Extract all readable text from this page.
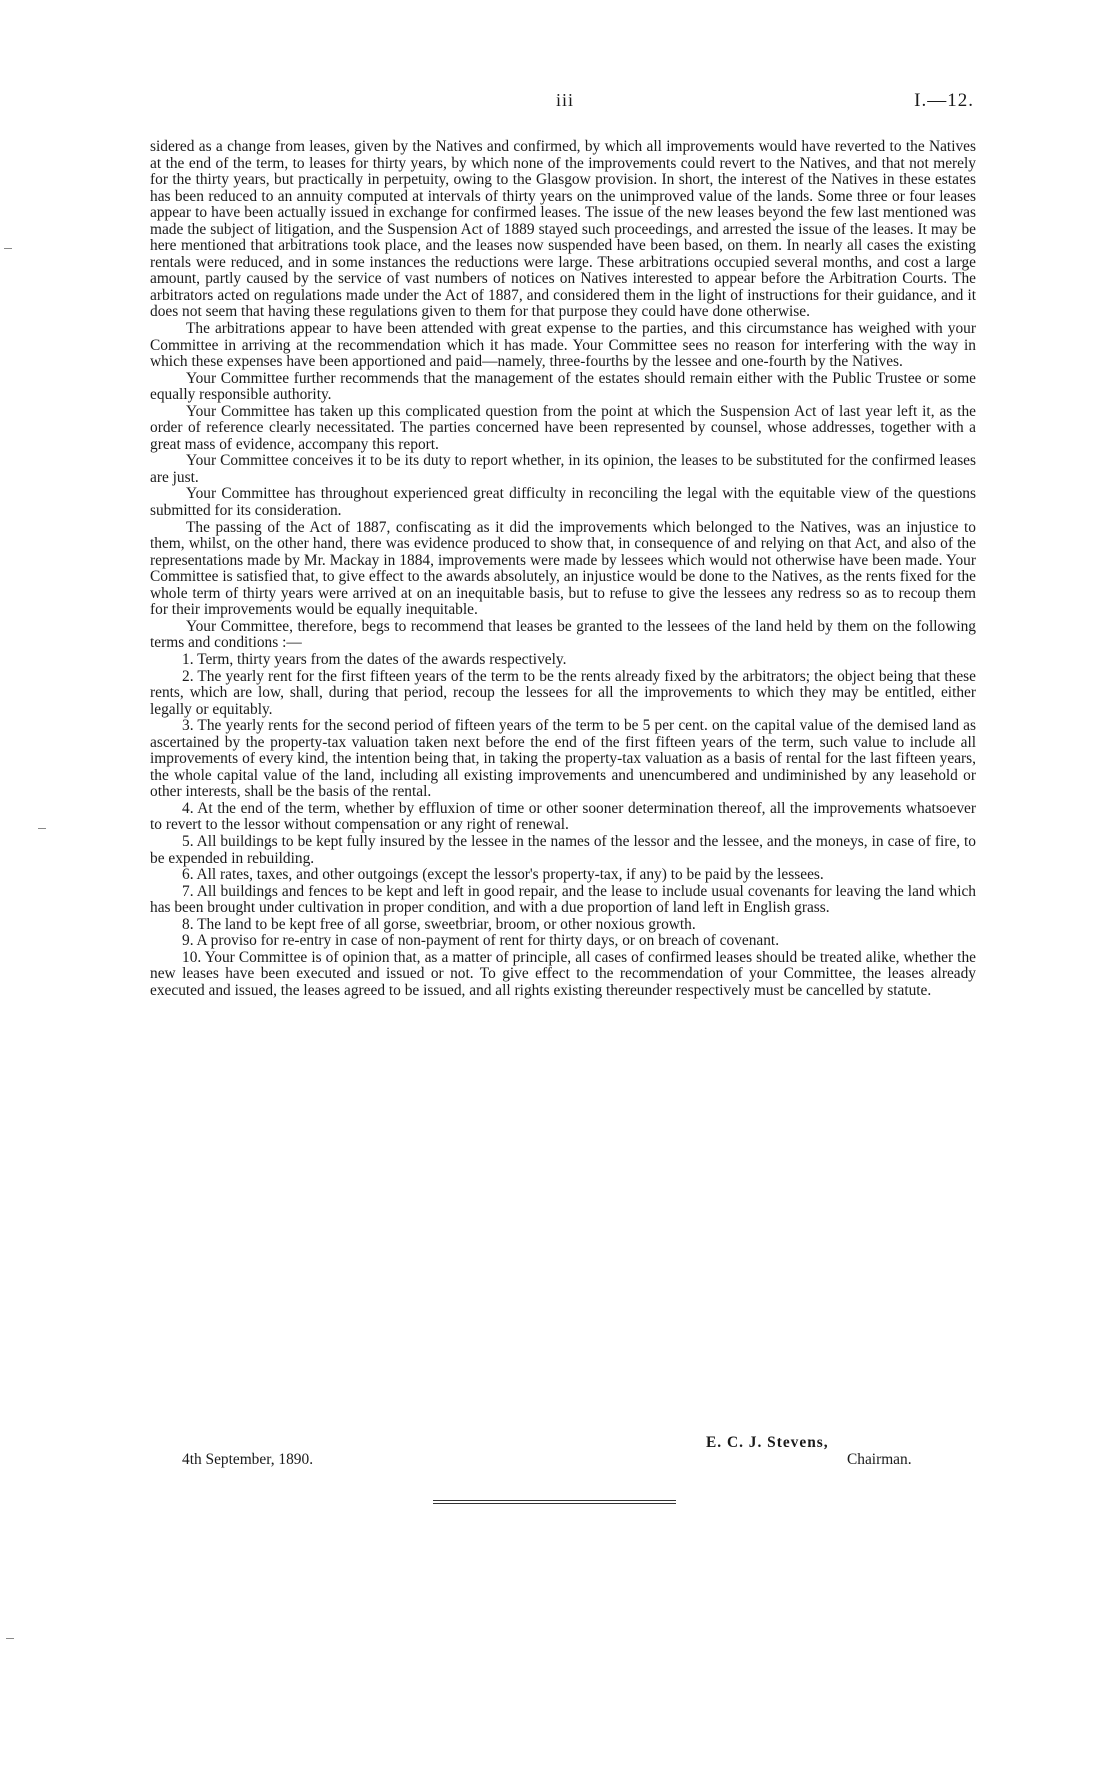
iii	I.—12.

sidered as a change from leases, given by the Natives and confirmed, by which all improvements would have reverted to the Natives at the end of the term, to leases for thirty years, by which none of the improvements could revert to the Natives, and that not merely for the thirty years, but practically in perpetuity, owing to the Glasgow provision. In short, the interest of the Natives in these estates has been reduced to an annuity computed at intervals of thirty years on the unimproved value of the lands. Some three or four leases appear to have been actually issued in exchange for confirmed leases. The issue of the new leases beyond the few last mentioned was made the subject of litigation, and the Suspension Act of 1889 stayed such proceedings, and arrested the issue of the leases. It may be here mentioned that arbitrations took place, and the leases now suspended have been based, on them. In nearly all cases the existing rentals were reduced, and in some instances the reductions were large. These arbitrations occupied several months, and cost a large amount, partly caused by the service of vast numbers of notices on Natives interested to appear before the Arbitration Courts. The arbitrators acted on regulations made under the Act of 1887, and considered them in the light of instructions for their guidance, and it does not seem that having these regulations given to them for that purpose they could have done otherwise.

The arbitrations appear to have been attended with great expense to the parties, and this circumstance has weighed with your Committee in arriving at the recommendation which it has made. Your Committee sees no reason for interfering with the way in which these expenses have been apportioned and paid—namely, three-fourths by the lessee and one-fourth by the Natives.

Your Committee further recommends that the management of the estates should remain either with the Public Trustee or some equally responsible authority.

Your Committee has taken up this complicated question from the point at which the Suspension Act of last year left it, as the order of reference clearly necessitated. The parties concerned have been represented by counsel, whose addresses, together with a great mass of evidence, accompany this report.

Your Committee conceives it to be its duty to report whether, in its opinion, the leases to be substituted for the confirmed leases are just.

Your Committee has throughout experienced great difficulty in reconciling the legal with the equitable view of the questions submitted for its consideration.

The passing of the Act of 1887, confiscating as it did the improvements which belonged to the Natives, was an injustice to them, whilst, on the other hand, there was evidence produced to show that, in consequence of and relying on that Act, and also of the representations made by Mr. Mackay in 1884, improvements were made by lessees which would not otherwise have been made. Your Committee is satisfied that, to give effect to the awards absolutely, an injustice would be done to the Natives, as the rents fixed for the whole term of thirty years were arrived at on an inequitable basis, but to refuse to give the lessees any redress so as to recoup them for their improvements would be equally inequitable.

Your Committee, therefore, begs to recommend that leases be granted to the lessees of the land held by them on the following terms and conditions :—

1. Term, thirty years from the dates of the awards respectively.

2. The yearly rent for the first fifteen years of the term to be the rents already fixed by the arbitrators; the object being that these rents, which are low, shall, during that period, recoup the lessees for all the improvements to which they may be entitled, either legally or equitably.

3. The yearly rents for the second period of fifteen years of the term to be 5 per cent. on the capital value of the demised land as ascertained by the property-tax valuation taken next before the end of the first fifteen years of the term, such value to include all improvements of every kind, the intention being that, in taking the property-tax valuation as a basis of rental for the last fifteen years, the whole capital value of the land, including all existing improvements and unencumbered and undiminished by any leasehold or other interests, shall be the basis of the rental.

4. At the end of the term, whether by effluxion of time or other sooner determination thereof, all the improvements whatsoever to revert to the lessor without compensation or any right of renewal.

5. All buildings to be kept fully insured by the lessee in the names of the lessor and the lessee, and the moneys, in case of fire, to be expended in rebuilding.

6. All rates, taxes, and other outgoings (except the lessor's property-tax, if any) to be paid by the lessees.

7. All buildings and fences to be kept and left in good repair, and the lease to include usual covenants for leaving the land which has been brought under cultivation in proper condition, and with a due proportion of land left in English grass.

8. The land to be kept free of all gorse, sweetbriar, broom, or other noxious growth.

9. A proviso for re-entry in case of non-payment of rent for thirty days, or on breach of covenant.

10. Your Committee is of opinion that, as a matter of principle, all cases of confirmed leases should be treated alike, whether the new leases have been executed and issued or not. To give effect to the recommendation of your Committee, the leases already executed and issued, the leases agreed to be issued, and all rights existing thereunder respectively must be cancelled by statute.

4th September, 1890.
E. C. J. Stevens,
Chairman.
